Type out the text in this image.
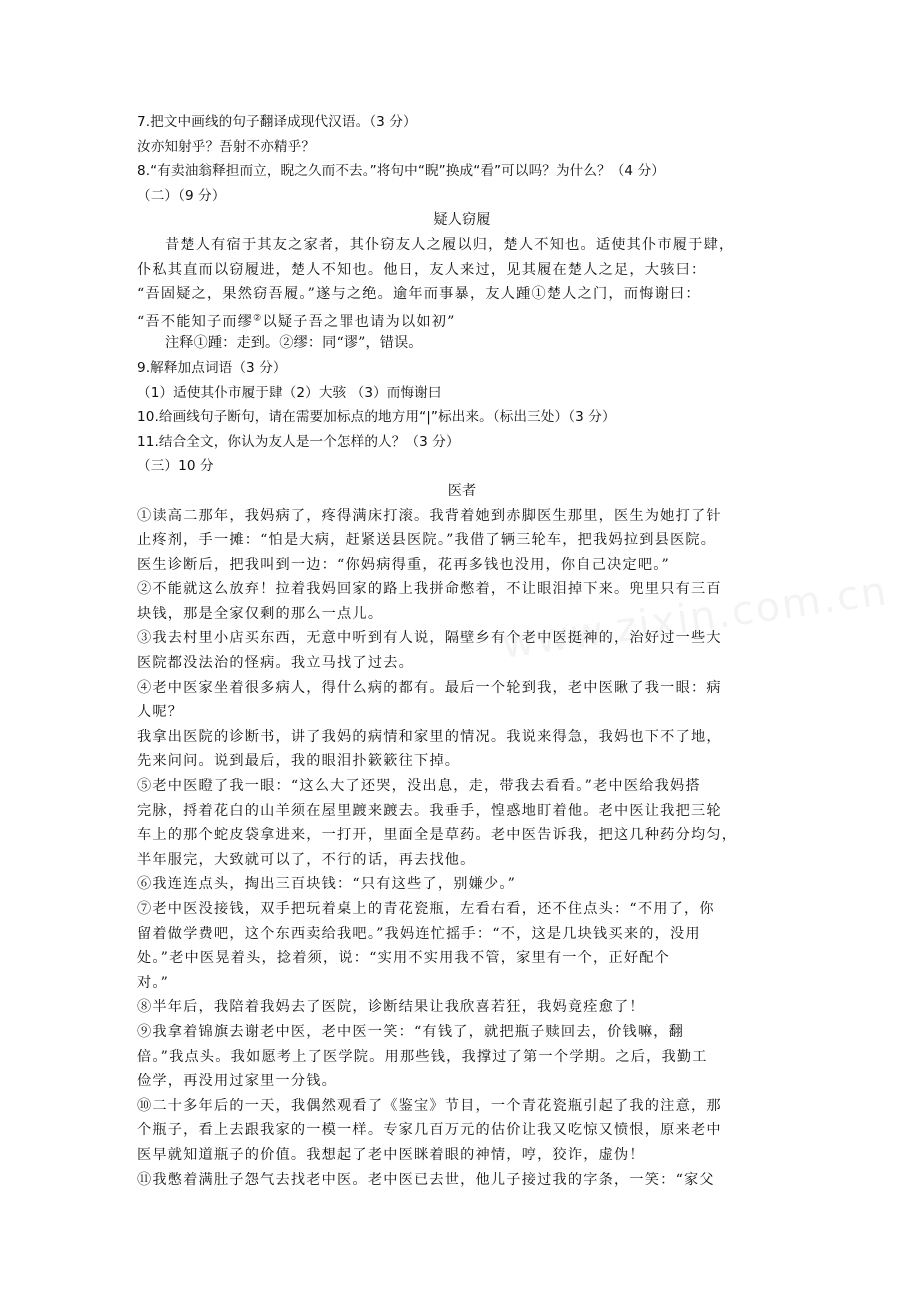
7.把文中画线的句子翻译成现代汉语。（3 分）
汝亦知射乎？吾射不亦精乎？
8.“有卖油翁释担而立，睨之久而不去。”将句中“睨”换成“看”可以吗？为什么？（4 分）
（二）（9 分）
疑人窃履
昔楚人有宿于其友之家者，其仆窃友人之履以归，楚人不知也。适使其仆市履于肆，
仆私其直而以窃履进，楚人不知也。他日，友人来过，见其履在楚人之足，大骇曰：
“吾固疑之，果然窃吾履。”遂与之绝。逾年而事暴，友人踵①楚人之门，而悔谢曰：
“吾不能知子而缪②以疑子吾之罪也请为以如初”
注释①踵：走到。②缪：同“谬”，错误。
9.解释加点词语（3 分）
（1）适使其仆市履于肆（2）大骇 （3）而悔谢曰
10.给画线句子断句，请在需要加标点的地方用“|”标出来。（标出三处）（3 分）
11.结合全文，你认为友人是一个怎样的人？（3 分）
（三）10 分
医者
①读高二那年，我妈病了，疼得满床打滚。我背着她到赤脚医生那里，医生为她打了针
止疼剂，手一摊：“怕是大病，赶紧送县医院。”我借了辆三轮车，把我妈拉到县医院。
医生诊断后，把我叫到一边：“你妈病得重，花再多钱也没用，你自己决定吧。”
②不能就这么放弃！拉着我妈回家的路上我拼命憋着，不让眼泪掉下来。兜里只有三百
块钱，那是全家仅剩的那么一点儿。
③我去村里小店买东西，无意中听到有人说，隔壁乡有个老中医挺神的，治好过一些大
医院都没法治的怪病。我立马找了过去。
④老中医家坐着很多病人，得什么病的都有。最后一个轮到我，老中医瞅了我一眼：病
人呢？
我拿出医院的诊断书，讲了我妈的病情和家里的情况。我说来得急，我妈也下不了地，
先来问问。说到最后，我的眼泪扑簌簌往下掉。
⑤老中医瞪了我一眼：“这么大了还哭，没出息，走，带我去看看。”老中医给我妈搭
完脉，捋着花白的山羊须在屋里踱来踱去。我垂手，惶惑地盯着他。老中医让我把三轮
车上的那个蛇皮袋拿进来，一打开，里面全是草药。老中医告诉我，把这几种药分均匀，
半年服完，大致就可以了，不行的话，再去找他。
⑥我连连点头，掏出三百块钱：“只有这些了，别嫌少。”
⑦老中医没接钱，双手把玩着桌上的青花瓷瓶，左看右看，还不住点头：“不用了，你
留着做学费吧，这个东西卖给我吧。”我妈连忙摇手：“不，这是几块钱买来的，没用
处。”老中医晃着头，捻着须，说：“实用不实用我不管，家里有一个，正好配个
对。”
⑧半年后，我陪着我妈去了医院，诊断结果让我欣喜若狂，我妈竟痊愈了！
⑨我拿着锦旗去谢老中医，老中医一笑：“有钱了，就把瓶子赎回去，价钱嘛，翻
倍。”我点头。我如愿考上了医学院。用那些钱，我撑过了第一个学期。之后，我勤工
俭学，再没用过家里一分钱。
⑩二十多年后的一天，我偶然观看了《鉴宝》节目，一个青花瓷瓶引起了我的注意，那
个瓶子，看上去跟我家的一模一样。专家几百万元的估价让我又吃惊又愤恨，原来老中
医早就知道瓶子的价值。我想起了老中医眯着眼的神情，哼，狡诈，虚伪！
⑪我憋着满肚子怨气去找老中医。老中医已去世，他儿子接过我的字条，一笑：“家父
